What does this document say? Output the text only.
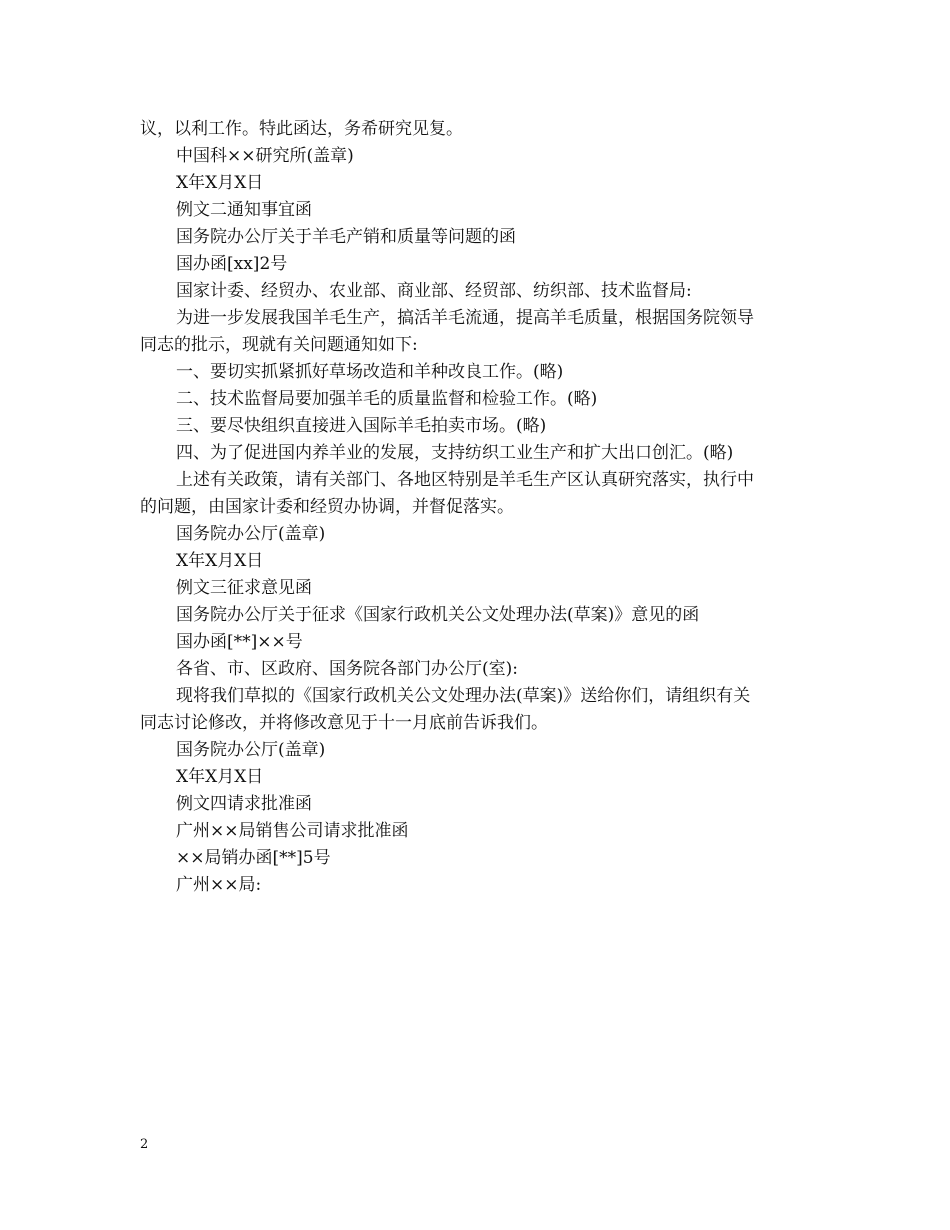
议，以利工作。特此函达，务希研究见复。
中国科××研究所(盖章)
X年X月X日
例文二通知事宜函
国务院办公厅关于羊毛产销和质量等问题的函
国办函[xx]2号
国家计委、经贸办、农业部、商业部、经贸部、纺织部、技术监督局:
为进一步发展我国羊毛生产，搞活羊毛流通，提高羊毛质量，根据国务院领导
同志的批示，现就有关问题通知如下:
一、要切实抓紧抓好草场改造和羊种改良工作。(略)
二、技术监督局要加强羊毛的质量监督和检验工作。(略)
三、要尽快组织直接进入国际羊毛拍卖市场。(略)
四、为了促进国内养羊业的发展，支持纺织工业生产和扩大出口创汇。(略)
上述有关政策，请有关部门、各地区特别是羊毛生产区认真研究落实，执行中
的问题，由国家计委和经贸办协调，并督促落实。
国务院办公厅(盖章)
X年X月X日
例文三征求意见函
国务院办公厅关于征求《国家行政机关公文处理办法(草案)》意见的函
国办函[**]××号
各省、市、区政府、国务院各部门办公厅(室):
现将我们草拟的《国家行政机关公文处理办法(草案)》送给你们，请组织有关
同志讨论修改，并将修改意见于十一月底前告诉我们。
国务院办公厅(盖章)
X年X月X日
例文四请求批准函
广州××局销售公司请求批准函
××局销办函[**]5号
广州××局:
2
